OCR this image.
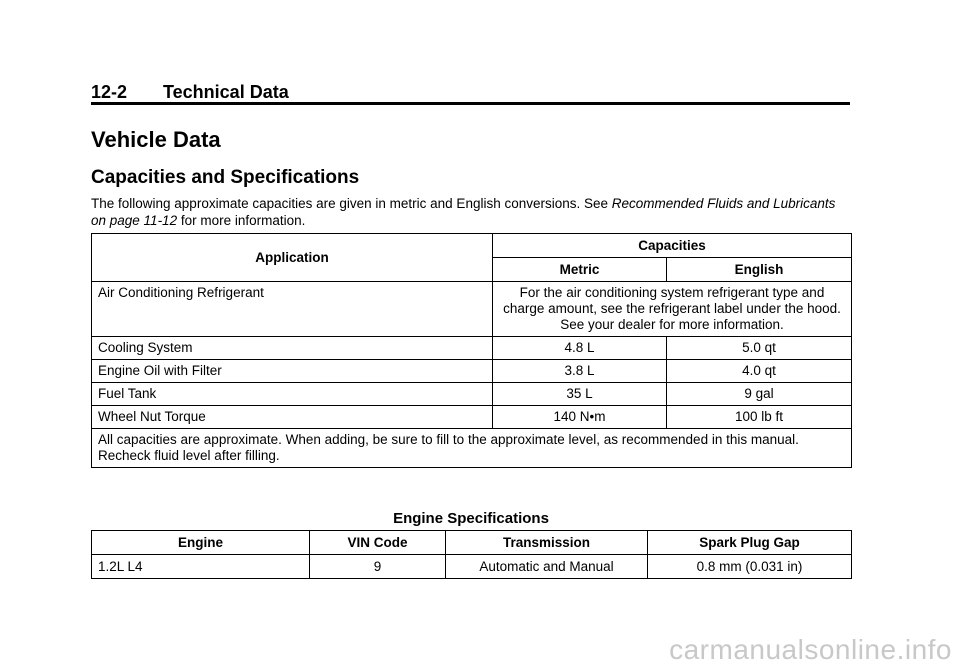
12-2 Technical Data
Vehicle Data
Capacities and Specifications
The following approximate capacities are given in metric and English conversions. See Recommended Fluids and Lubricants on page 11-12 for more information.
Application	Capacities	
	Metric	English
Air Conditioning Refrigerant	For the air conditioning system refrigerant type and charge amount, see the refrigerant label under the hood. See your dealer for more information.	
Cooling System	4.8 L	5.0 qt
Engine Oil with Filter	3.8 L	4.0 qt
Fuel Tank	35 L	9 gal
Wheel Nut Torque	140 N•m	100 lb ft
All capacities are approximate. When adding, be sure to fill to the approximate level, as recommended in this manual. Recheck fluid level after filling.		
Engine Specifications
Engine	VIN Code	Transmission	Spark Plug Gap
1.2L L4	9	Automatic and Manual	0.8 mm (0.031 in)
carmanualsonline.info
